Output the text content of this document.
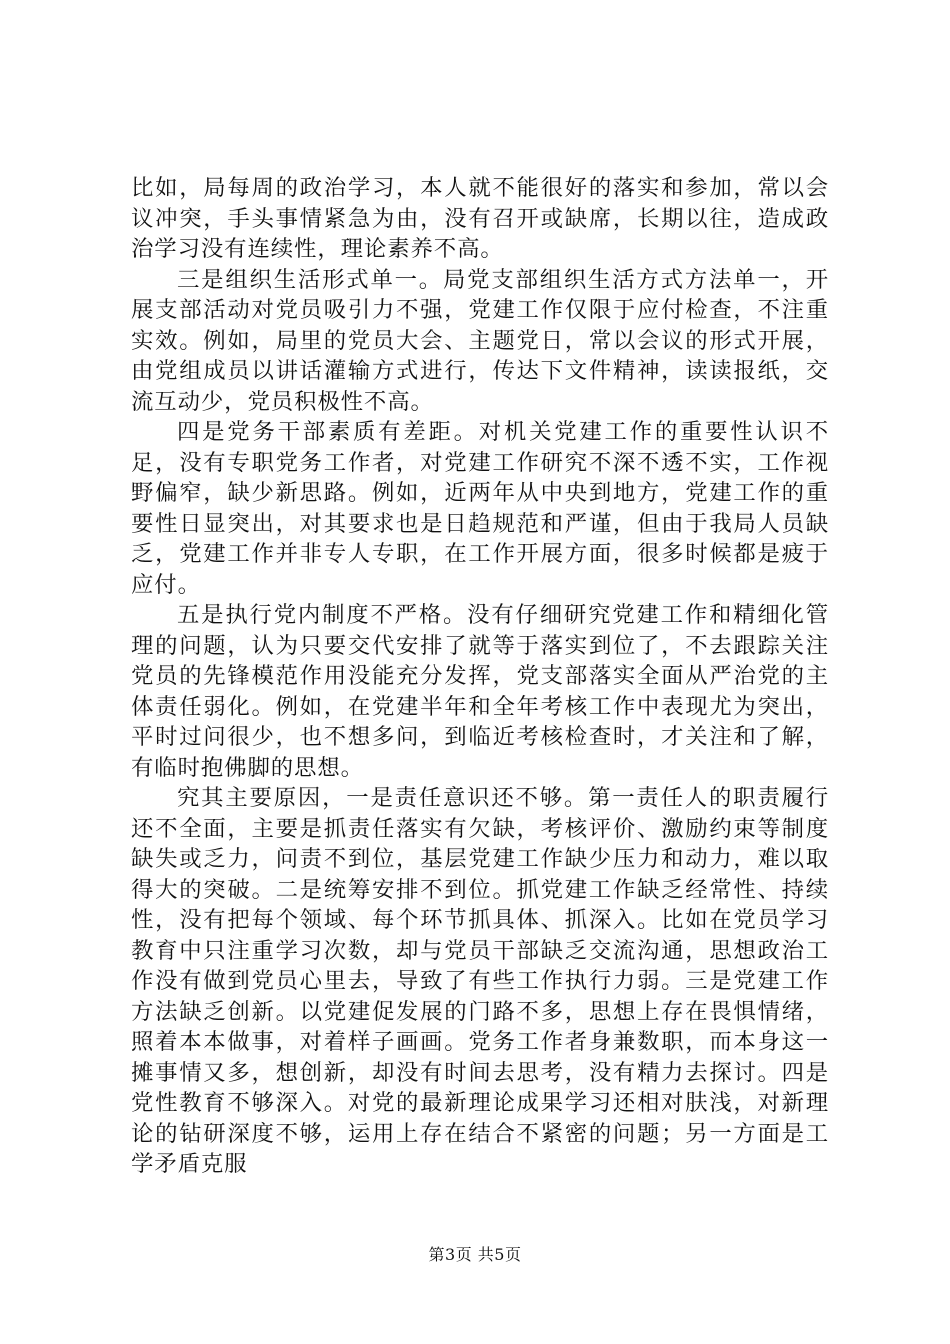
比如，局每周的政治学习，本人就不能很好的落实和参加，常以会议冲突，手头事情紧急为由，没有召开或缺席，长期以往，造成政治学习没有连续性，理论素养不高。

三是组织生活形式单一。局党支部组织生活方式方法单一，开展支部活动对党员吸引力不强，党建工作仅限于应付检查，不注重实效。例如，局里的党员大会、主题党日，常以会议的形式开展，由党组成员以讲话灌输方式进行，传达下文件精神，读读报纸，交流互动少，党员积极性不高。

四是党务干部素质有差距。对机关党建工作的重要性认识不足，没有专职党务工作者，对党建工作研究不深不透不实，工作视野偏窄，缺少新思路。例如，近两年从中央到地方，党建工作的重要性日显突出，对其要求也是日趋规范和严谨，但由于我局人员缺乏，党建工作并非专人专职，在工作开展方面，很多时候都是疲于应付。

五是执行党内制度不严格。没有仔细研究党建工作和精细化管理的问题，认为只要交代安排了就等于落实到位了，不去跟踪关注党员的先锋模范作用没能充分发挥，党支部落实全面从严治党的主体责任弱化。例如，在党建半年和全年考核工作中表现尤为突出，平时过问很少，也不想多问，到临近考核检查时，才关注和了解，有临时抱佛脚的思想。

究其主要原因，一是责任意识还不够。第一责任人的职责履行还不全面，主要是抓责任落实有欠缺，考核评价、激励约束等制度缺失或乏力，问责不到位，基层党建工作缺少压力和动力，难以取得大的突破。二是统筹安排不到位。抓党建工作缺乏经常性、持续性，没有把每个领域、每个环节抓具体、抓深入。比如在党员学习教育中只注重学习次数，却与党员干部缺乏交流沟通，思想政治工作没有做到党员心里去，导致了有些工作执行力弱。三是党建工作方法缺乏创新。以党建促发展的门路不多，思想上存在畏惧情绪，照着本本做事，对着样子画画。党务工作者身兼数职，而本身这一摊事情又多，想创新，却没有时间去思考，没有精力去探讨。四是党性教育不够深入。对党的最新理论成果学习还相对肤浅，对新理论的钻研深度不够，运用上存在结合不紧密的问题；另一方面是工学矛盾克服

第3页 共5页
